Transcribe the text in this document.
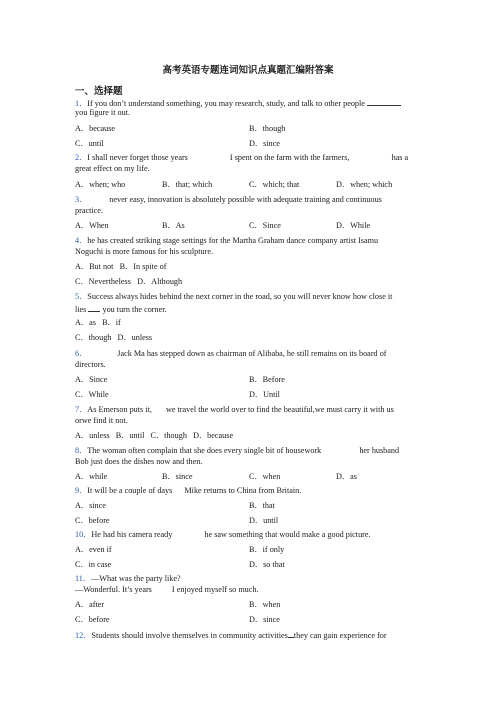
高考英语专题连词知识点真题汇编附答案
一、选择题
1．If you don’t understand something, you may research, study, and talk to other people
you figure it out.
A．because	B．though
C．until	D．since
2．I shall never forget those years	I spent on the farm with the farmers,	has a
great effect on my life.
A．when; who	B．that; which	C．which; that	D．when; which
3．	never easy, innovation is absolutely possible with adequate training and continuous
practice.
A．When	B．As	C．Since	D．While
4．he has created striking stage settings for the Martha Graham dance company artist Isamu
Noguchi is more famous for his sculpture.
A．But not B．In spite of
C．Nevertheless D．Although
5．Success always hides behind the next corner in the road, so you will never know how close it
lies you turn the corner.
A．as B．if
C．though D．unless
6．	Jack Ma has stepped down as chairman of Alibaba, he still remains on its board of
directors.
A．Since	B．Before
C．While	D．Until
7．As Emerson puts it, we travel the world over to find the beautiful,we must carry it with us
orwe find it not.
A．unless B．until C．though D．because
8．The woman often complain that she does every single bit of housework	her husband
Bob just does the dishes now and then.
A．while	B．since	C．when	D．as
9．It will be a couple of days Mike returns to China from Britain.
A．since	B．that
C．before	D．until
10．He had his camera ready	he saw something that would make a good picture.
A．even if	B．if only
C．in case	D．so that
11．—What was the party like?
—Wonderful. It’s years I enjoyed myself so much.
A．after	B．when
C．before	D．since
12．Students should involve themselves in community activities they can gain experience for
